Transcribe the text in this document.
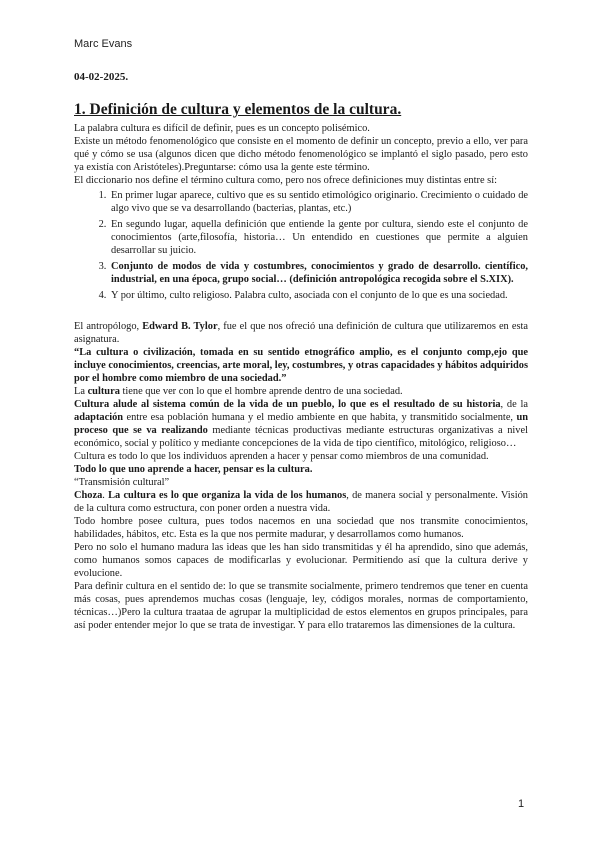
Marc Evans
04-02-2025.
1. Definición de cultura y elementos de la cultura.

La palabra cultura es difícil de definir, pues es un concepto polisémico.

Existe un método fenomenológico que consiste en el momento de definir un concepto, previo a ello, ver para qué y cómo se usa (algunos dicen que dicho método fenomenológico se implantó el siglo pasado, pero esto ya existía con Aristóteles).Preguntarse: cómo usa la gente este término.

El diccionario nos define el término cultura como, pero nos ofrece definiciones muy distintas entre sí:

1. En primer lugar aparece, cultivo que es su sentido etimológico originario. Crecimiento o cuidado de algo vivo que se va desarrollando (bacterias, plantas, etc.)
2. En segundo lugar, aquella definición que entiende la gente por cultura, siendo este el conjunto de conocimientos (arte,filosofía, historia… Un entendido en cuestiones que permite a alguien desarrollar su juicio.
3. Conjunto de modos de vida y costumbres, conocimientos y grado de desarrollo. científico, industrial, en una época, grupo social… (definición antropológica recogida sobre el S.XIX).
4. Y por último, culto religioso. Palabra culto, asociada con el conjunto de lo que es una sociedad.

El antropólogo, Edward B. Tylor, fue el que nos ofreció una definición de cultura que utilizaremos en esta asignatura.

“La cultura o civilización, tomada en su sentido etnográfico amplio, es el conjunto comp,ejo que incluye conocimientos, creencias, arte moral, ley, costumbres, y otras capacidades y hábitos adquiridos por el hombre como miembro de una sociedad.”

La cultura tiene que ver con lo que el hombre aprende dentro de una sociedad.

Cultura alude al sistema común de la vida de un pueblo, lo que es el resultado de su historia, de la adaptación entre esa población humana y el medio ambiente en que habita, y transmitido socialmente, un proceso que se va realizando mediante técnicas productivas mediante estructuras organizativas a nivel económico, social y político y mediante concepciones de la vida de tipo científico, mitológico, religioso…

Cultura es todo lo que los individuos aprenden a hacer y pensar como miembros de una comunidad.

Todo lo que uno aprende a hacer, pensar es la cultura.

“Transmisión cultural”

Choza. La cultura es lo que organiza la vida de los humanos, de manera social y personalmente. Visión de la cultura como estructura, con poner orden a nuestra vida.

Todo hombre posee cultura, pues todos nacemos en una sociedad que nos transmite conocimientos, habilidades, hábitos, etc. Esta es la que nos permite madurar, y desarrollamos como humanos.

Pero no solo el humano madura las ideas que les han sido transmitidas y él ha aprendido, sino que además, como humanos somos capaces de modificarlas y evolucionar. Permitiendo así que la cultura derive y evolucione.

Para definir cultura en el sentido de: lo que se transmite socialmente, primero tendremos que tener en cuenta más cosas, pues aprendemos muchas cosas (lenguaje, ley, códigos morales, normas de comportamiento, técnicas…)Pero la cultura traataa de agrupar la multiplicidad de estos elementos en grupos principales, para así poder entender mejor lo que se trata de investigar. Y para ello trataremos las dimensiones de la cultura.

1
